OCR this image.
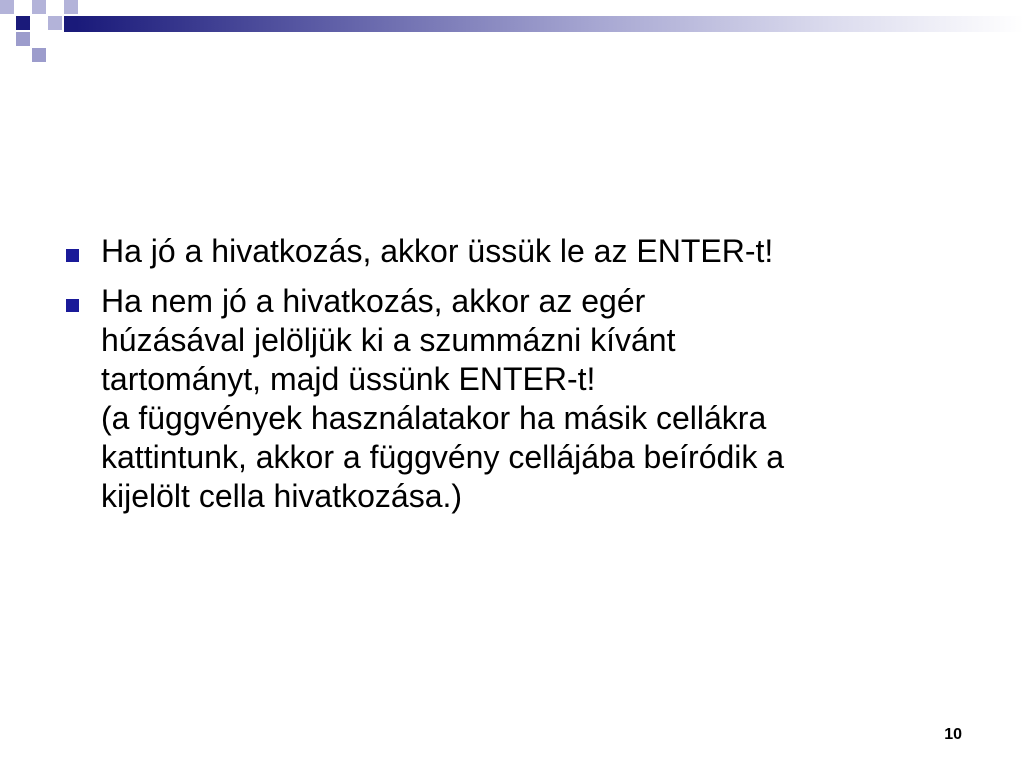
Ha jó a hivatkozás, akkor üssük le az ENTER-t!
Ha nem jó a hivatkozás, akkor az egér
húzásával jelöljük ki a szummázni kívánt
tartományt, majd üssünk ENTER-t!
(a függvények használatakor ha másik cellákra
kattintunk, akkor a függvény cellájába beíródik a
kijelölt cella hivatkozása.)
10
